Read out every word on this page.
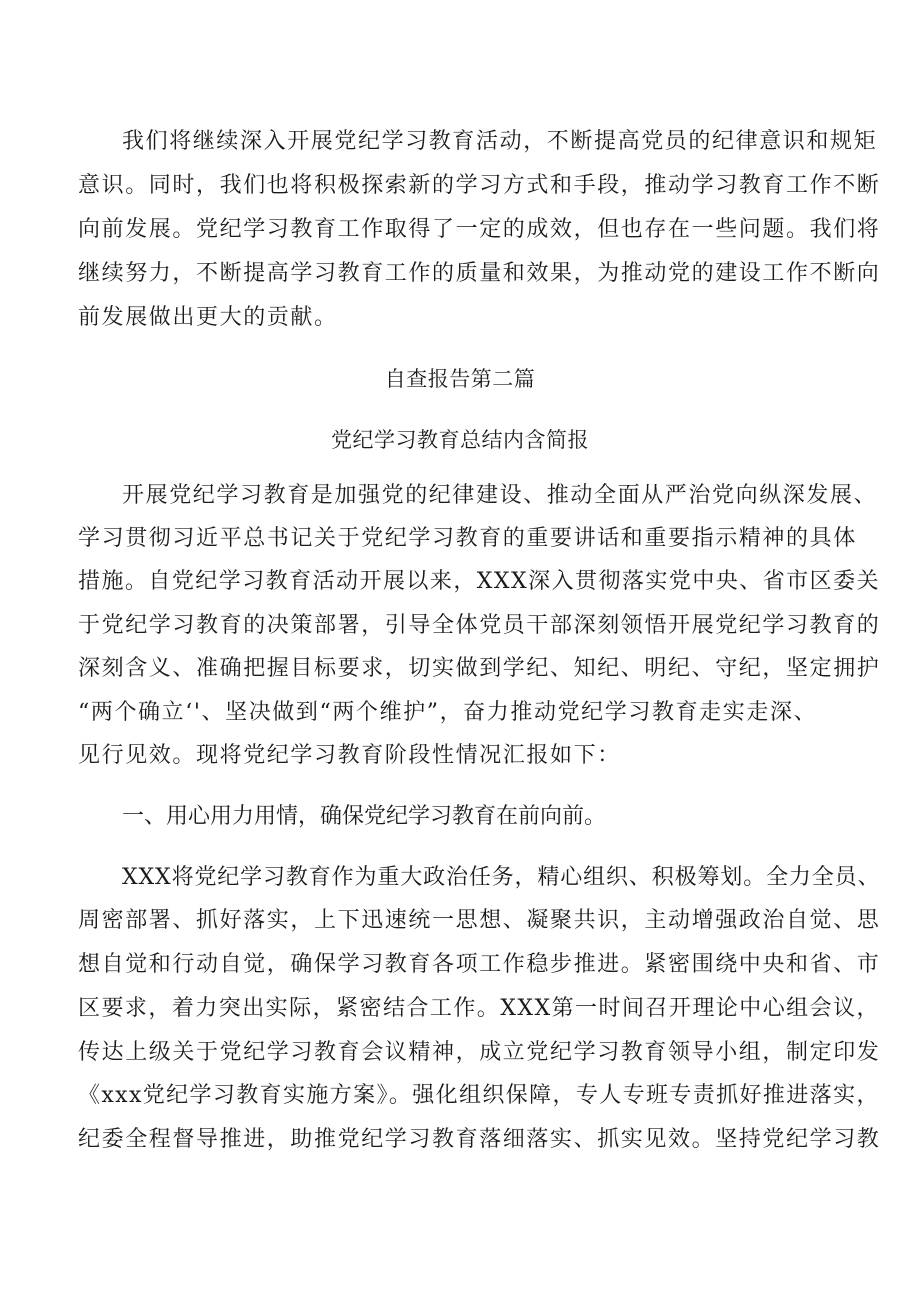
我们将继续深入开展党纪学习教育活动，不断提高党员的纪律意识和规矩
意识。同时，我们也将积极探索新的学习方式和手段，推动学习教育工作不断
向前发展。党纪学习教育工作取得了一定的成效，但也存在一些问题。我们将
继续努力，不断提高学习教育工作的质量和效果，为推动党的建设工作不断向
前发展做出更大的贡献。
自查报告第二篇
党纪学习教育总结内含简报
开展党纪学习教育是加强党的纪律建设、推动全面从严治党向纵深发展、
学习贯彻习近平总书记关于党纪学习教育的重要讲话和重要指示精神的具体
措施。自党纪学习教育活动开展以来，XXX深入贯彻落实党中央、省市区委关
于党纪学习教育的决策部署，引导全体党员干部深刻领悟开展党纪学习教育的
深刻含义、准确把握目标要求，切实做到学纪、知纪、明纪、守纪，坚定拥护
“两个确立‘'、坚决做到“两个维护”，奋力推动党纪学习教育走实走深、
见行见效。现将党纪学习教育阶段性情况汇报如下：
一、用心用力用情，确保党纪学习教育在前向前。
XXX将党纪学习教育作为重大政治任务，精心组织、积极筹划。全力全员、
周密部署、抓好落实，上下迅速统一思想、凝聚共识，主动增强政治自觉、思
想自觉和行动自觉，确保学习教育各项工作稳步推进。紧密围绕中央和省、市
区要求，着力突出实际，紧密结合工作。XXX第一时间召开理论中心组会议，
传达上级关于党纪学习教育会议精神，成立党纪学习教育领导小组，制定印发
《xxx党纪学习教育实施方案》。强化组织保障，专人专班专责抓好推进落实，
纪委全程督导推进，助推党纪学习教育落细落实、抓实见效。坚持党纪学习教
